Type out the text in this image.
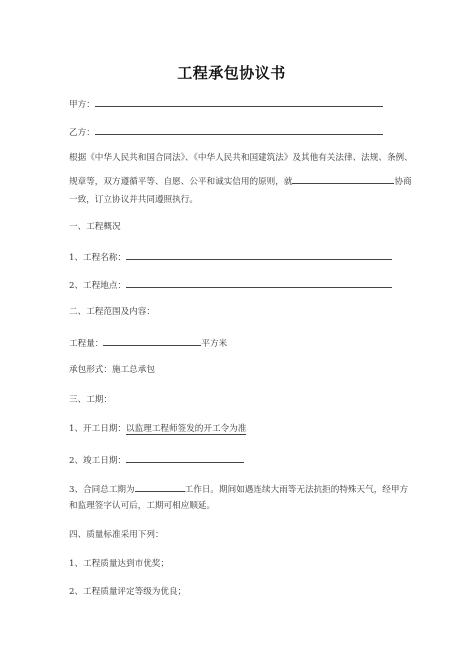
工程承包协议书
甲方：
乙方：
根据《中华人民共和国合同法》、《中华人民共和国建筑法》及其他有关法律、法规、条例、
规章等，双方遵循平等、自愿、公平和诚实信用的原则，就	协商
一致，订立协议并共同遵照执行。
一、工程概况
1、工程名称：
2、工程地点：
二、工程范围及内容：
工程量：	平方米
承包形式：施工总承包
三、工期：
1、开工日期：以监理工程师签发的开工令为准
2、竣工日期：
3、合同总工期为	工作日。期间如遇连续大雨等无法抗拒的特殊天气，经甲方
和监理签字认可后，工期可相应顺延。
四、质量标准采用下列：
1、工程质量达到市优奖；
2、工程质量评定等级为优良；
